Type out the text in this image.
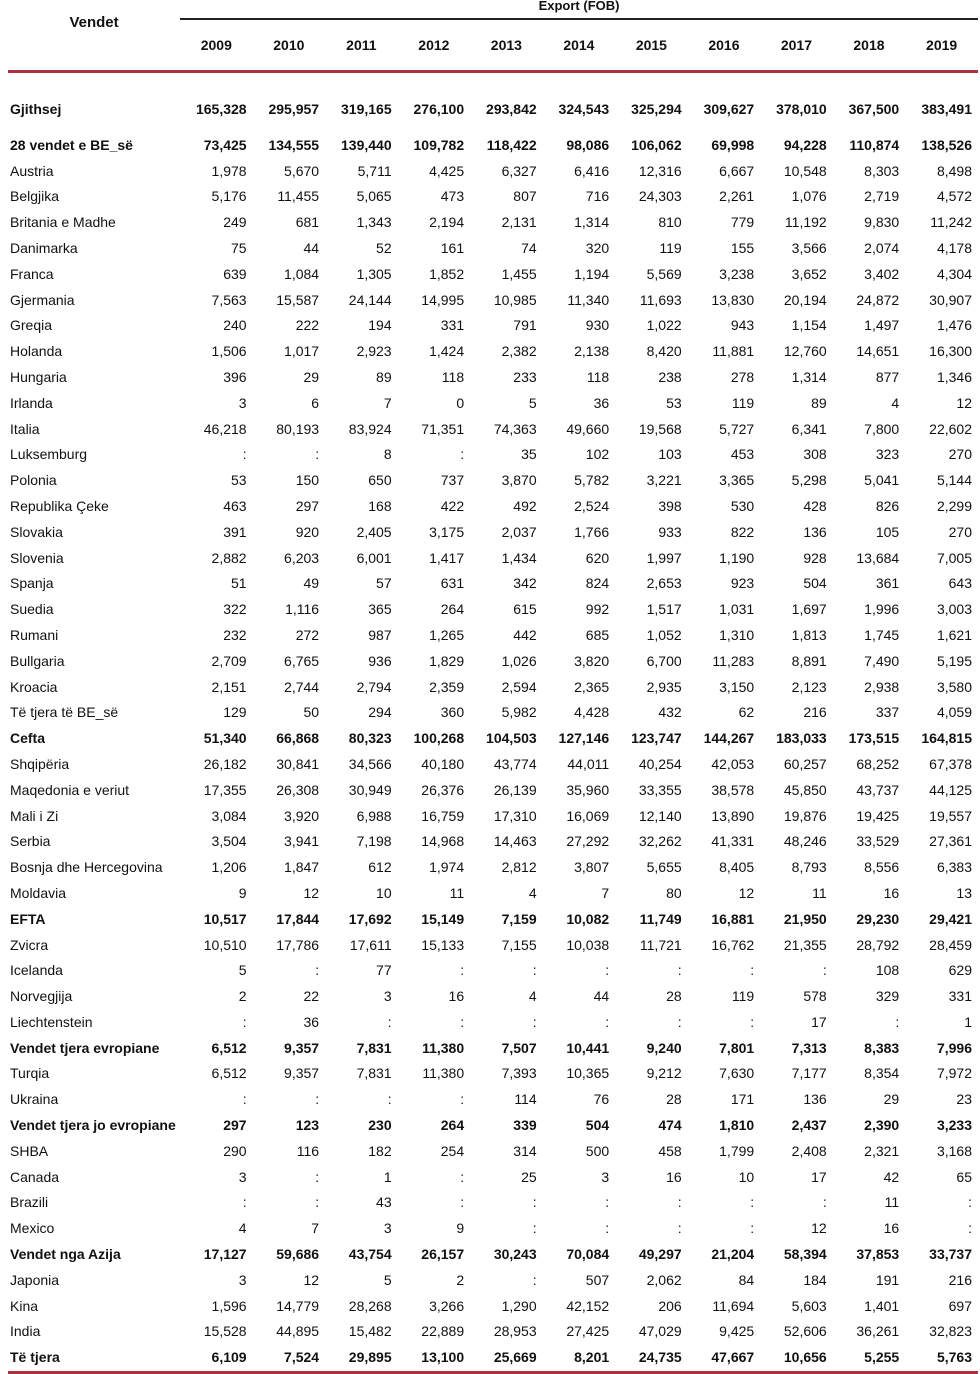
Vendet	Export (FOB)										
	2009	2010	2011	2012	2013	2014	2015	2016	2017	2018	2019

Gjithsej	165,328	295,957	319,165	276,100	293,842	324,543	325,294	309,627	378,010	367,500	383,491

28 vendet e BE_së	73,425	134,555	139,440	109,782	118,422	98,086	106,062	69,998	94,228	110,874	138,526
Austria	1,978	5,670	5,711	4,425	6,327	6,416	12,316	6,667	10,548	8,303	8,498
Belgjika	5,176	11,455	5,065	473	807	716	24,303	2,261	1,076	2,719	4,572
Britania e Madhe	249	681	1,343	2,194	2,131	1,314	810	779	11,192	9,830	11,242
Danimarka	75	44	52	161	74	320	119	155	3,566	2,074	4,178
Franca	639	1,084	1,305	1,852	1,455	1,194	5,569	3,238	3,652	3,402	4,304
Gjermania	7,563	15,587	24,144	14,995	10,985	11,340	11,693	13,830	20,194	24,872	30,907
Greqia	240	222	194	331	791	930	1,022	943	1,154	1,497	1,476
Holanda	1,506	1,017	2,923	1,424	2,382	2,138	8,420	11,881	12,760	14,651	16,300
Hungaria	396	29	89	118	233	118	238	278	1,314	877	1,346
Irlanda	3	6	7	0	5	36	53	119	89	4	12
Italia	46,218	80,193	83,924	71,351	74,363	49,660	19,568	5,727	6,341	7,800	22,602
Luksemburg	:	:	8	:	35	102	103	453	308	323	270
Polonia	53	150	650	737	3,870	5,782	3,221	3,365	5,298	5,041	5,144
Republika Çeke	463	297	168	422	492	2,524	398	530	428	826	2,299
Slovakia	391	920	2,405	3,175	2,037	1,766	933	822	136	105	270
Slovenia	2,882	6,203	6,001	1,417	1,434	620	1,997	1,190	928	13,684	7,005
Spanja	51	49	57	631	342	824	2,653	923	504	361	643
Suedia	322	1,116	365	264	615	992	1,517	1,031	1,697	1,996	3,003
Rumani	232	272	987	1,265	442	685	1,052	1,310	1,813	1,745	1,621
Bullgaria	2,709	6,765	936	1,829	1,026	3,820	6,700	11,283	8,891	7,490	5,195
Kroacia	2,151	2,744	2,794	2,359	2,594	2,365	2,935	3,150	2,123	2,938	3,580
Të tjera të BE_së	129	50	294	360	5,982	4,428	432	62	216	337	4,059
Cefta	51,340	66,868	80,323	100,268	104,503	127,146	123,747	144,267	183,033	173,515	164,815
Shqipëria	26,182	30,841	34,566	40,180	43,774	44,011	40,254	42,053	60,257	68,252	67,378
Maqedonia e veriut	17,355	26,308	30,949	26,376	26,139	35,960	33,355	38,578	45,850	43,737	44,125
Mali i Zi	3,084	3,920	6,988	16,759	17,310	16,069	12,140	13,890	19,876	19,425	19,557
Serbia	3,504	3,941	7,198	14,968	14,463	27,292	32,262	41,331	48,246	33,529	27,361
Bosnja dhe Hercegovina	1,206	1,847	612	1,974	2,812	3,807	5,655	8,405	8,793	8,556	6,383
Moldavia	9	12	10	11	4	7	80	12	11	16	13
EFTA	10,517	17,844	17,692	15,149	7,159	10,082	11,749	16,881	21,950	29,230	29,421
Zvicra	10,510	17,786	17,611	15,133	7,155	10,038	11,721	16,762	21,355	28,792	28,459
Icelanda	5	:	77	:	:	:	:	:	:	108	629
Norvegjija	2	22	3	16	4	44	28	119	578	329	331
Liechtenstein	:	36	:	:	:	:	:	:	17	:	1
Vendet tjera evropiane	6,512	9,357	7,831	11,380	7,507	10,441	9,240	7,801	7,313	8,383	7,996
Turqia	6,512	9,357	7,831	11,380	7,393	10,365	9,212	7,630	7,177	8,354	7,972
Ukraina	:	:	:	:	114	76	28	171	136	29	23
Vendet tjera jo evropiane	297	123	230	264	339	504	474	1,810	2,437	2,390	3,233
SHBA	290	116	182	254	314	500	458	1,799	2,408	2,321	3,168
Canada	3	:	1	:	25	3	16	10	17	42	65
Brazili	:	:	43	:	:	:	:	:	:	11	:
Mexico	4	7	3	9	:	:	:	:	12	16	:
Vendet nga Azija	17,127	59,686	43,754	26,157	30,243	70,084	49,297	21,204	58,394	37,853	33,737
Japonia	3	12	5	2	:	507	2,062	84	184	191	216
Kina	1,596	14,779	28,268	3,266	1,290	42,152	206	11,694	5,603	1,401	697
India	15,528	44,895	15,482	22,889	28,953	27,425	47,029	9,425	52,606	36,261	32,823
Të tjera	6,109	7,524	29,895	13,100	25,669	8,201	24,735	47,667	10,656	5,255	5,763
